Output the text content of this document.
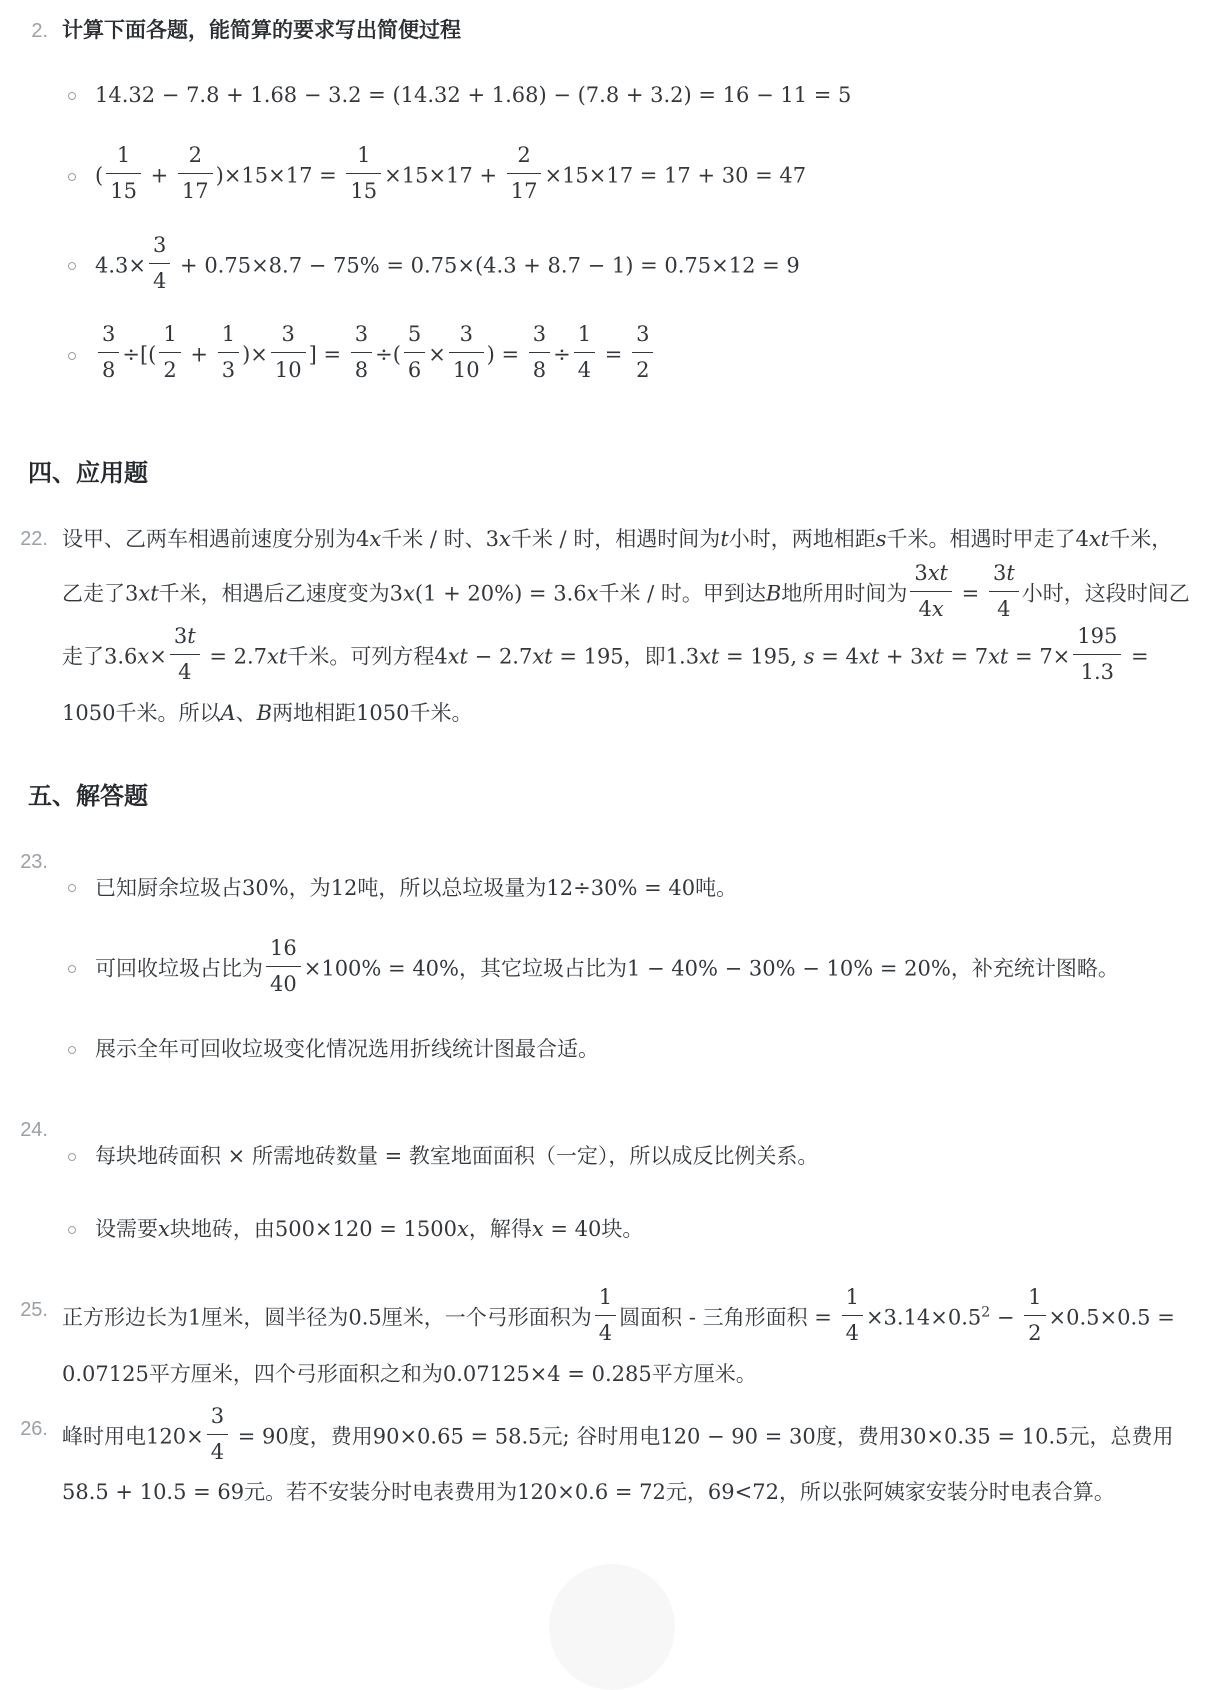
2. 计算下面各题，能简算的要求写出简便过程
14.32 − 7.8 + 1.68 − 3.2 = (14.32 + 1.68) − (7.8 + 3.2) = 16 − 11 = 5
( $\frac{1}{15} + \frac{2}{17} )\times 15\times 17 = \frac{1}{15} \times 15\times 17 + \frac{2}{17} \times 15\times 17 = 17 + 30 = 47$
$4.3\times \frac{3}{4} + 0.75\times 8.7 - 75\% = 0.75\times(4.3 + 8.7 - 1) = 0.75\times 12 = 9$
$\frac{3}{8}$ ÷[( $\frac{1}{2} + \frac{1}{3}$ )× $\frac{3}{10}$ ] = $\frac{3}{8}$ ÷( $\frac{5}{6} \times \frac{3}{10}$ ) = $\frac{3}{8} \div \frac{1}{4} = \frac{3}{2}$
四、应用题
22. 设甲、乙两车相遇前速度分别为4x千米 / 时、3x千米 / 时，相遇时间为t小时，两地相距s千米。相遇时甲走了4xt千米，乙走了3xt千米，相遇后乙速度变为3x(1 + 20%) = 3.6x千米 / 时。甲到达B地所用时间为 $\frac{3xt}{4x} = \frac{3t}{4}$ 小时，这段时间乙走了$3.6x\times \frac{3t}{4} = 2.7xt$千米。可列方程4xt − 2.7xt = 195，即1.3xt = 195, $s = 4xt + 3xt = 7xt = 7\times \frac{195}{1.3} = 1050$千米。所以A、B两地相距1050千米。
五、解答题
23.
已知厨余垃圾占30%，为12吨，所以总垃圾量为12÷30% = 40吨。
可回收垃圾占比为 $\frac{16}{40} \times 100\% = 40\%$，其它垃圾占比为1 − 40% − 30% − 10% = 20%，补充统计图略。
展示全年可回收垃圾变化情况选用折线统计图最合适。
24.
每块地砖面积 × 所需地砖数量 = 教室地面面积（一定），所以成反比例关系。
设需要x块地砖，由500×120 = 1500x，解得x = 40块。
25. 正方形边长为1厘米，圆半径为0.5厘米，一个弓形面积为 $\frac{1}{4}$ 圆面积 - 三角形面积 = $\frac{1}{4} \times 3.14\times 0.5^2 - \frac{1}{2} \times 0.5\times 0.5 = 0.07125$平方厘米，四个弓形面积之和为0.07125×4 = 0.285平方厘米。
26. 峰时用电$120\times \frac{3}{4} = 90$度，费用90×0.65 = 58.5元; 谷时用电120 − 90 = 30度，费用30×0.35 = 10.5元，总费用58.5 + 10.5 = 69元。若不安装分时电表费用为120×0.6 = 72元，69<72，所以张阿姨家安装分时电表合算。
